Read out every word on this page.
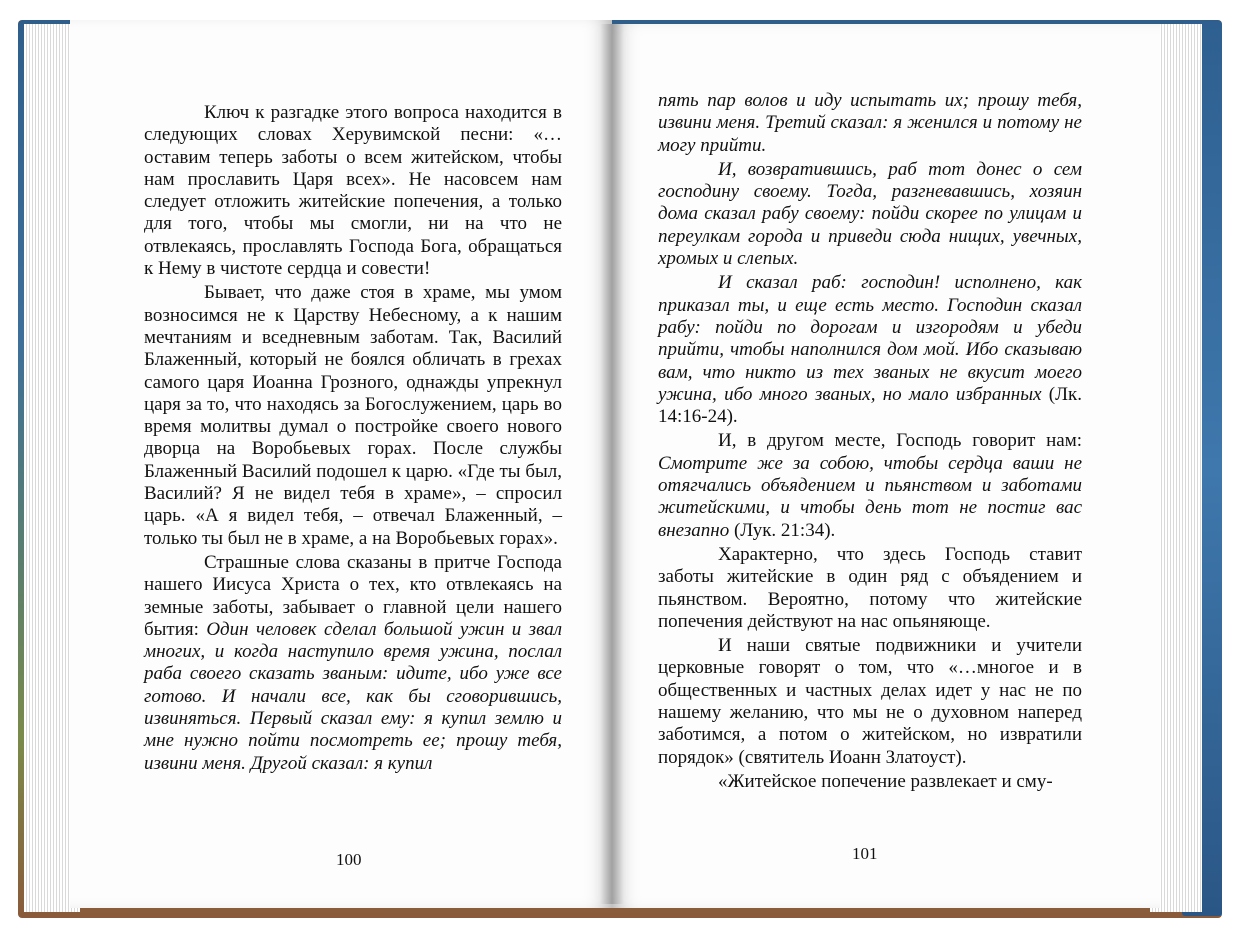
Ключ к разгадке этого вопроса находится в следующих словах Херувимской песни: «…оставим теперь заботы о всем житейском, чтобы нам прославить Царя всех». Не насовсем нам следует отложить житейские попечения, а только для того, чтобы мы смогли, ни на что не отвлекаясь, прославлять Господа Бога, обращаться к Нему в чистоте сердца и совести!

Бывает, что даже стоя в храме, мы умом возносимся не к Царству Небесному, а к нашим мечтаниям и вседневным заботам. Так, Василий Блаженный, который не боялся обличать в грехах самого царя Иоанна Грозного, однажды упрекнул царя за то, что находясь за Богослужением, царь во время молитвы думал о постройке своего нового дворца на Воробьевых горах. После службы Блаженный Василий подошел к царю. «Где ты был, Василий? Я не видел тебя в храме», – спросил царь. «А я видел тебя, – отвечал Блаженный, – только ты был не в храме, а на Воробьевых горах».

Страшные слова сказаны в притче Господа нашего Иисуса Христа о тех, кто отвлекаясь на земные заботы, забывает о главной цели нашего бытия: Один человек сделал большой ужин и звал многих, и когда наступило время ужина, послал раба своего сказать званым: идите, ибо уже все готово. И начали все, как бы сговорившись, извиняться. Первый сказал ему: я купил землю и мне нужно пойти посмотреть ее; прошу тебя, извини меня. Другой сказал: я купил

100

пять пар волов и иду испытать их; прошу тебя, извини меня. Третий сказал: я женился и потому не могу прийти.

И, возвратившись, раб тот донес о сем господину своему. Тогда, разгневавшись, хозяин дома сказал рабу своему: пойди скорее по улицам и переулкам города и приведи сюда нищих, увечных, хромых и слепых.

И сказал раб: господин! исполнено, как приказал ты, и еще есть место. Господин сказал рабу: пойди по дорогам и изгородям и убеди прийти, чтобы наполнился дом мой. Ибо сказываю вам, что никто из тех званых не вкусит моего ужина, ибо много званых, но мало избранных (Лк. 14:16-24).

И, в другом месте, Господь говорит нам: Смотрите же за собою, чтобы сердца ваши не отягчались объядением и пьянством и заботами житейскими, и чтобы день тот не постиг вас внезапно (Лук. 21:34).

Характерно, что здесь Господь ставит заботы житейские в один ряд с объядением и пьянством. Вероятно, потому что житейские попечения действуют на нас опьяняюще.

И наши святые подвижники и учители церковные говорят о том, что «…многое и в общественных и частных делах идет у нас не по нашему желанию, что мы не о духовном наперед заботимся, а потом о житейском, но извратили порядок» (святитель Иоанн Златоуст).

«Житейское попечение развлекает и сму-

101
